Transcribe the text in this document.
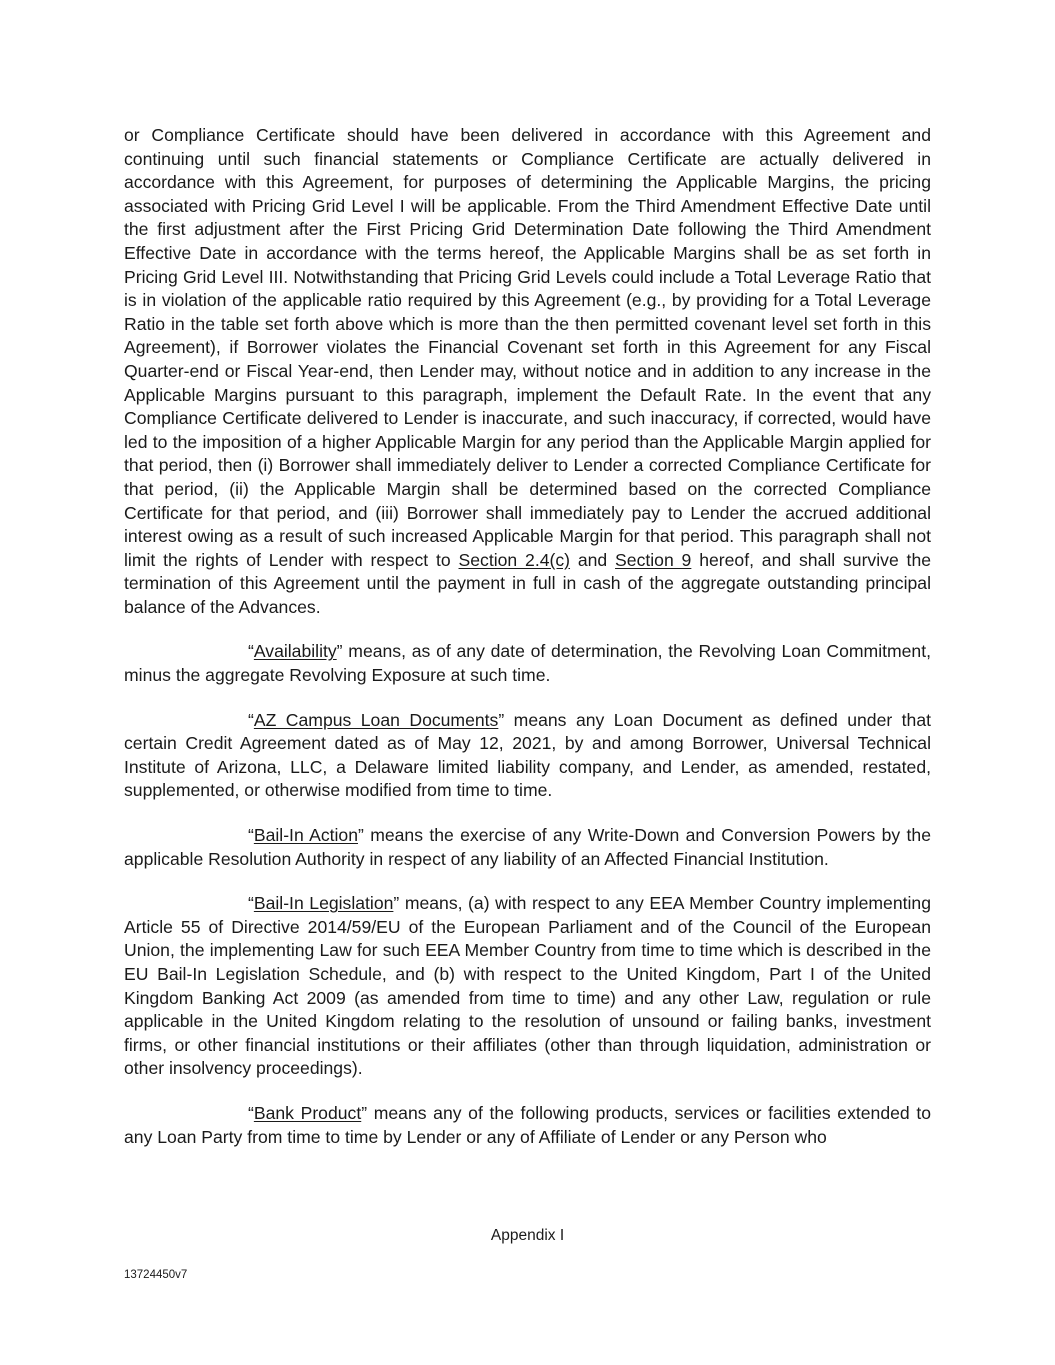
or Compliance Certificate should have been delivered in accordance with this Agreement and continuing until such financial statements or Compliance Certificate are actually delivered in accordance with this Agreement, for purposes of determining the Applicable Margins, the pricing associated with Pricing Grid Level I will be applicable. From the Third Amendment Effective Date until the first adjustment after the First Pricing Grid Determination Date following the Third Amendment Effective Date in accordance with the terms hereof, the Applicable Margins shall be as set forth in Pricing Grid Level III. Notwithstanding that Pricing Grid Levels could include a Total Leverage Ratio that is in violation of the applicable ratio required by this Agreement (e.g., by providing for a Total Leverage Ratio in the table set forth above which is more than the then permitted covenant level set forth in this Agreement), if Borrower violates the Financial Covenant set forth in this Agreement for any Fiscal Quarter-end or Fiscal Year-end, then Lender may, without notice and in addition to any increase in the Applicable Margins pursuant to this paragraph, implement the Default Rate. In the event that any Compliance Certificate delivered to Lender is inaccurate, and such inaccuracy, if corrected, would have led to the imposition of a higher Applicable Margin for any period than the Applicable Margin applied for that period, then (i) Borrower shall immediately deliver to Lender a corrected Compliance Certificate for that period, (ii) the Applicable Margin shall be determined based on the corrected Compliance Certificate for that period, and (iii) Borrower shall immediately pay to Lender the accrued additional interest owing as a result of such increased Applicable Margin for that period. This paragraph shall not limit the rights of Lender with respect to Section 2.4(c) and Section 9 hereof, and shall survive the termination of this Agreement until the payment in full in cash of the aggregate outstanding principal balance of the Advances.

“Availability” means, as of any date of determination, the Revolving Loan Commitment, minus the aggregate Revolving Exposure at such time.

“AZ Campus Loan Documents” means any Loan Document as defined under that certain Credit Agreement dated as of May 12, 2021, by and among Borrower, Universal Technical Institute of Arizona, LLC, a Delaware limited liability company, and Lender, as amended, restated, supplemented, or otherwise modified from time to time.

“Bail-In Action” means the exercise of any Write-Down and Conversion Powers by the applicable Resolution Authority in respect of any liability of an Affected Financial Institution.

“Bail-In Legislation” means, (a) with respect to any EEA Member Country implementing Article 55 of Directive 2014/59/EU of the European Parliament and of the Council of the European Union, the implementing Law for such EEA Member Country from time to time which is described in the EU Bail-In Legislation Schedule, and (b) with respect to the United Kingdom, Part I of the United Kingdom Banking Act 2009 (as amended from time to time) and any other Law, regulation or rule applicable in the United Kingdom relating to the resolution of unsound or failing banks, investment firms, or other financial institutions or their affiliates (other than through liquidation, administration or other insolvency proceedings).

“Bank Product” means any of the following products, services or facilities extended to any Loan Party from time to time by Lender or any of Affiliate of Lender or any Person who

Appendix I
13724450v7
